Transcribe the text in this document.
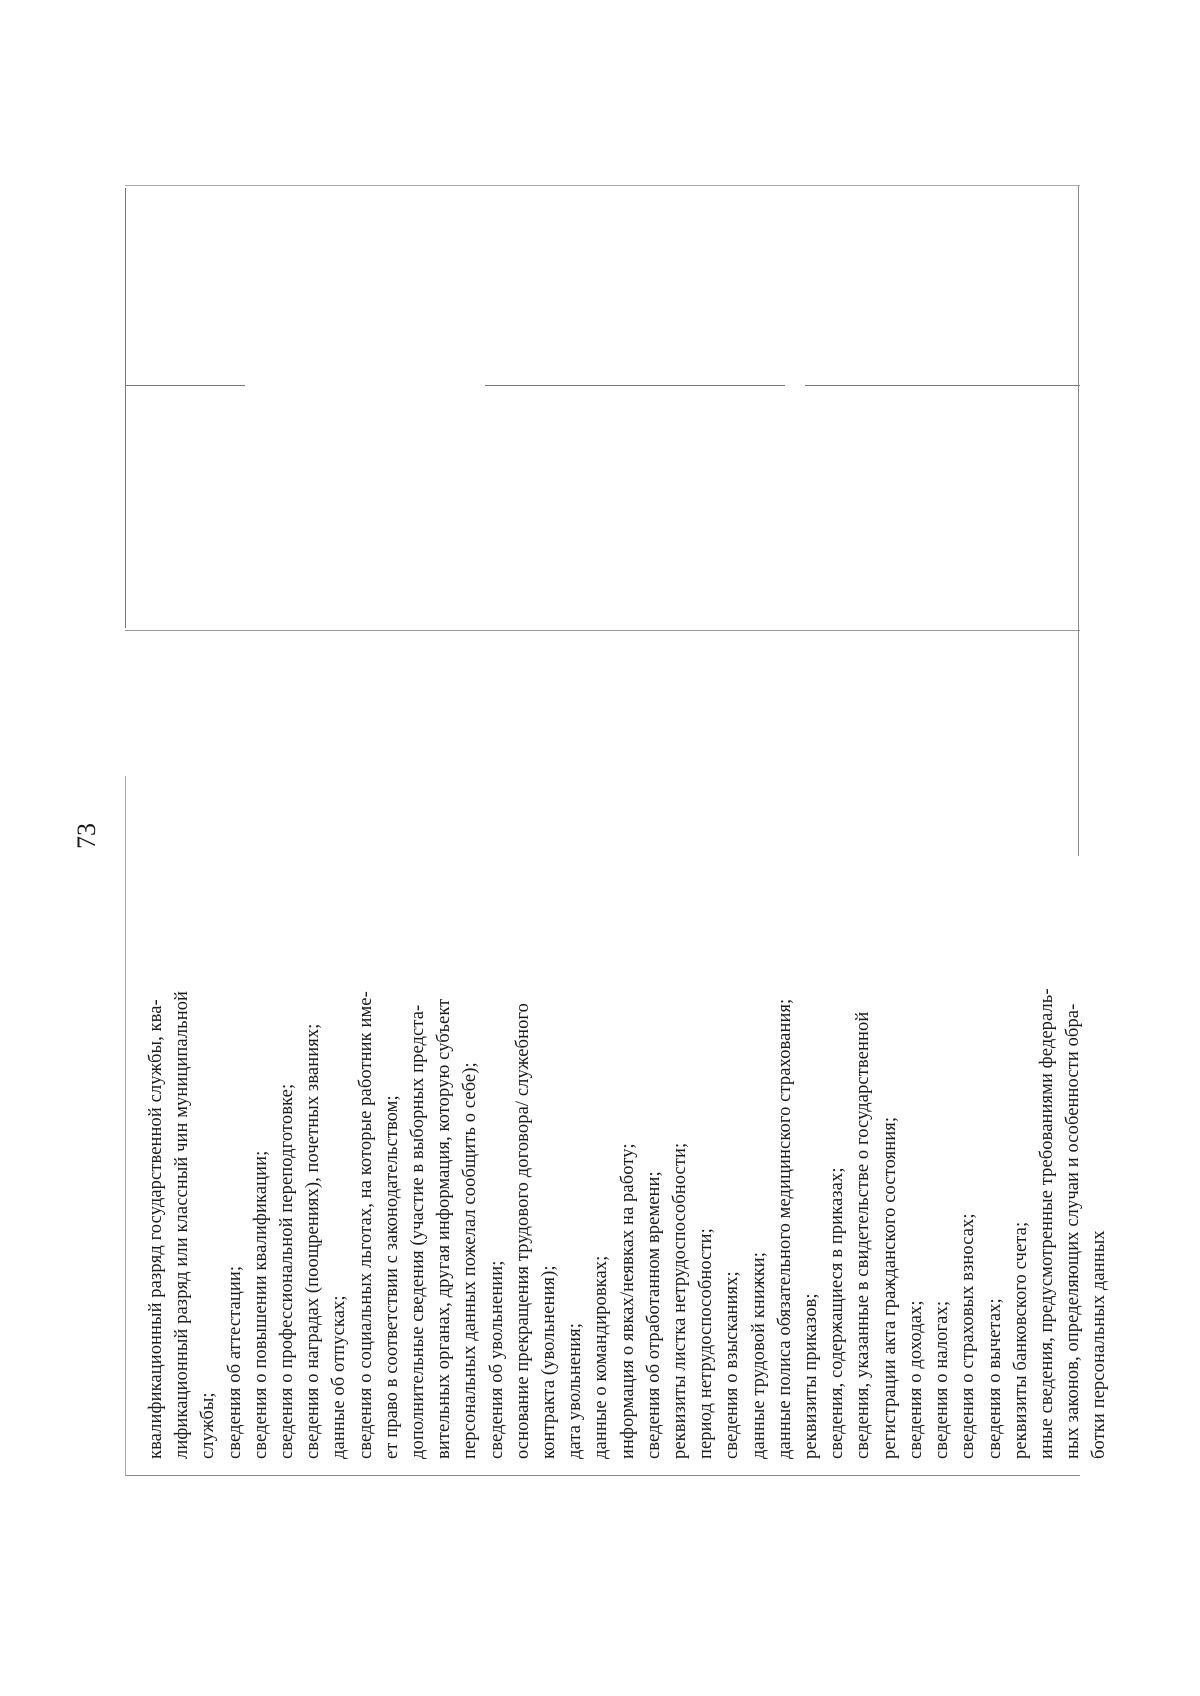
73
квалификационный разряд государственной службы, ква- лификационный разряд или классный чин муниципальной службы; сведения об аттестации; сведения о повышении квалификации; сведения о профессиональной переподготовке; сведения о наградах (поощрениях), почетных званиях; данные об отпусках; сведения о социальных льготах, на которые работник име- ет право в соответствии с законодательством; дополнительные сведения (участие в выборных предста- вительных органах, другая информация, которую субъект персональных данных пожелал сообщить о себе); сведения об увольнении; основание прекращения трудового договора/ служебного контракта (увольнения); дата увольнения; данные о командировках; информация о явках/неявках на работу; сведения об отработанном времени; реквизиты листка нетрудоспособности; период нетрудоспособности; сведения о взысканиях; данные трудовой книжки; данные полиса обязательного медицинского страхования; реквизиты приказов; сведения, содержащиеся в приказах; сведения, указанные в свидетельстве о государственной регистрации акта гражданского состояния; сведения о доходах; сведения о налогах; сведения о страховых взносах; сведения о вычетах; реквизиты банковского счета; иные сведения, предусмотренные требованиями федераль- ных законов, определяющих случаи и особенности обра- ботки персональных данных
